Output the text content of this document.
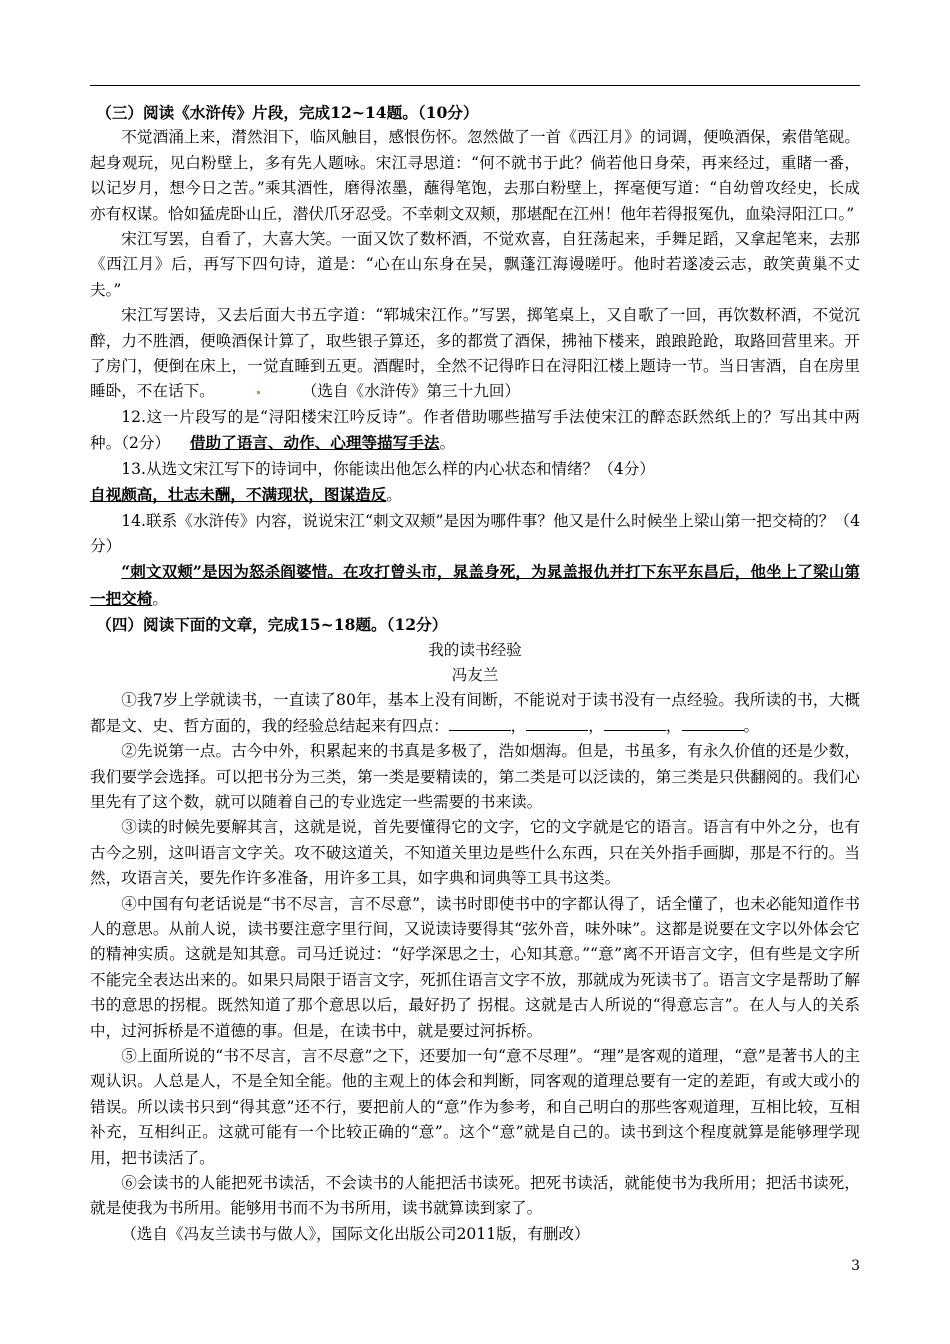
（三）阅读《水浒传》片段，完成12~14题。（10分）

不觉酒涌上来，潸然泪下，临风触目，感恨伤怀。忽然做了一首《西江月》的词调，便唤酒保，索借笔砚。起身观玩，见白粉壁上，多有先人题咏。宋江寻思道：“何不就书于此？倘若他日身荣，再来经过，重睹一番，以记岁月，想今日之苦。”乘其酒性，磨得浓墨，蘸得笔饱，去那白粉壁上，挥毫便写道：“自幼曾攻经史，长成亦有权谋。恰如猛虎卧山丘，潜伏爪牙忍受。不幸刺文双颊，那堪配在江州！他年若得报冤仇，血染浔阳江口。”

宋江写罢，自看了，大喜大笑。一面又饮了数杯酒，不觉欢喜，自狂荡起来，手舞足蹈，又拿起笔来，去那《西江月》后，再写下四句诗，道是：“心在山东身在吴，飘蓬江海谩嗟吁。他时若遂凌云志，敢笑黄巢不丈夫。”

宋江写罢诗，又去后面大书五字道：“郓城宋江作。”写罢，掷笔桌上，又自歌了一回，再饮数杯酒，不觉沉醉，力不胜酒，便唤酒保计算了，取些银子算还，多的都赏了酒保，拂袖下楼来，踉踉跄跄，取路回营里来。开了房门，便倒在床上，一觉直睡到五更。酒醒时，全然不记得昨日在浔阳江楼上题诗一节。当日害酒，自在房里睡卧，不在话下。	（选自《水浒传》第三十九回）

12.这一片段写的是“浔阳楼宋江吟反诗”。作者借助哪些描写手法使宋江的醉态跃然纸上的？写出其中两种。（2分） 借助了语言、动作、心理等描写手法。

13.从选文宋江写下的诗词中，你能读出他怎么样的内心状态和情绪？（4分）

自视颇高，壮志未酬，不满现状，图谋造反。

14.联系《水浒传》内容，说说宋江“刺文双颊”是因为哪件事？他又是什么时候坐上梁山第一把交椅的？（4分）

“刺文双颊”是因为怒杀阎婆惜。在攻打曾头市，晁盖身死，为晁盖报仇并打下东平东昌后，他坐上了梁山第一把交椅。

（四）阅读下面的文章，完成15~18题。（12分）

我的读书经验

冯友兰

①我7岁上学就读书，一直读了80年，基本上没有间断，不能说对于读书没有一点经验。我所读的书，大概都是文、史、哲方面的，我的经验总结起来有四点：	，	，	，	。

②先说第一点。古今中外，积累起来的书真是多极了，浩如烟海。但是，书虽多，有永久价值的还是少数，我们要学会选择。可以把书分为三类，第一类是要精读的，第二类是可以泛读的，第三类是只供翻阅的。我们心里先有了这个数，就可以随着自己的专业选定一些需要的书来读。

③读的时候先要解其言，这就是说，首先要懂得它的文字，它的文字就是它的语言。语言有中外之分，也有古今之别，这叫语言文字关。攻不破这道关，不知道关里边是些什么东西，只在关外指手画脚，那是不行的。当然，攻语言关，要先作许多准备，用许多工具，如字典和词典等工具书这类。

④中国有句老话说是“书不尽言，言不尽意”，读书时即使书中的字都认得了，话全懂了，也未必能知道作书人的意思。从前人说，读书要注意字里行间，又说读诗要得其“弦外音，味外味”。这都是说要在文字以外体会它的精神实质。这就是知其意。司马迁说过：“好学深思之士，心知其意。”“意”离不开语言文字，但有些是文字所不能完全表达出来的。如果只局限于语言文字，死抓住语言文字不放，那就成为死读书了。语言文字是帮助了解书的意思的拐棍。既然知道了那个意思以后，最好扔了 拐棍。这就是古人所说的“得意忘言”。在人与人的关系中，过河拆桥是不道德的事。但是，在读书中，就是要过河拆桥。

⑤上面所说的“书不尽言，言不尽意”之下，还要加一句“意不尽理”。“理”是客观的道理，“意”是著书人的主观认识。人总是人，不是全知全能。他的主观上的体会和判断，同客观的道理总要有一定的差距，有或大或小的错误。所以读书只到“得其意”还不行，要把前人的“意”作为参考，和自己明白的那些客观道理，互相比较，互相补充，互相纠正。这就可能有一个比较正确的“意”。这个“意”就是自己的。读书到这个程度就算是能够理学现用，把书读活了。

⑥会读书的人能把死书读活，不会读书的人能把活书读死。把死书读活，就能使书为我所用；把活书读死，就是使我为书所用。能够用书而不为书所用，读书就算读到家了。

（选自《冯友兰读书与做人》，国际文化出版公司2011版，有删改）

3
